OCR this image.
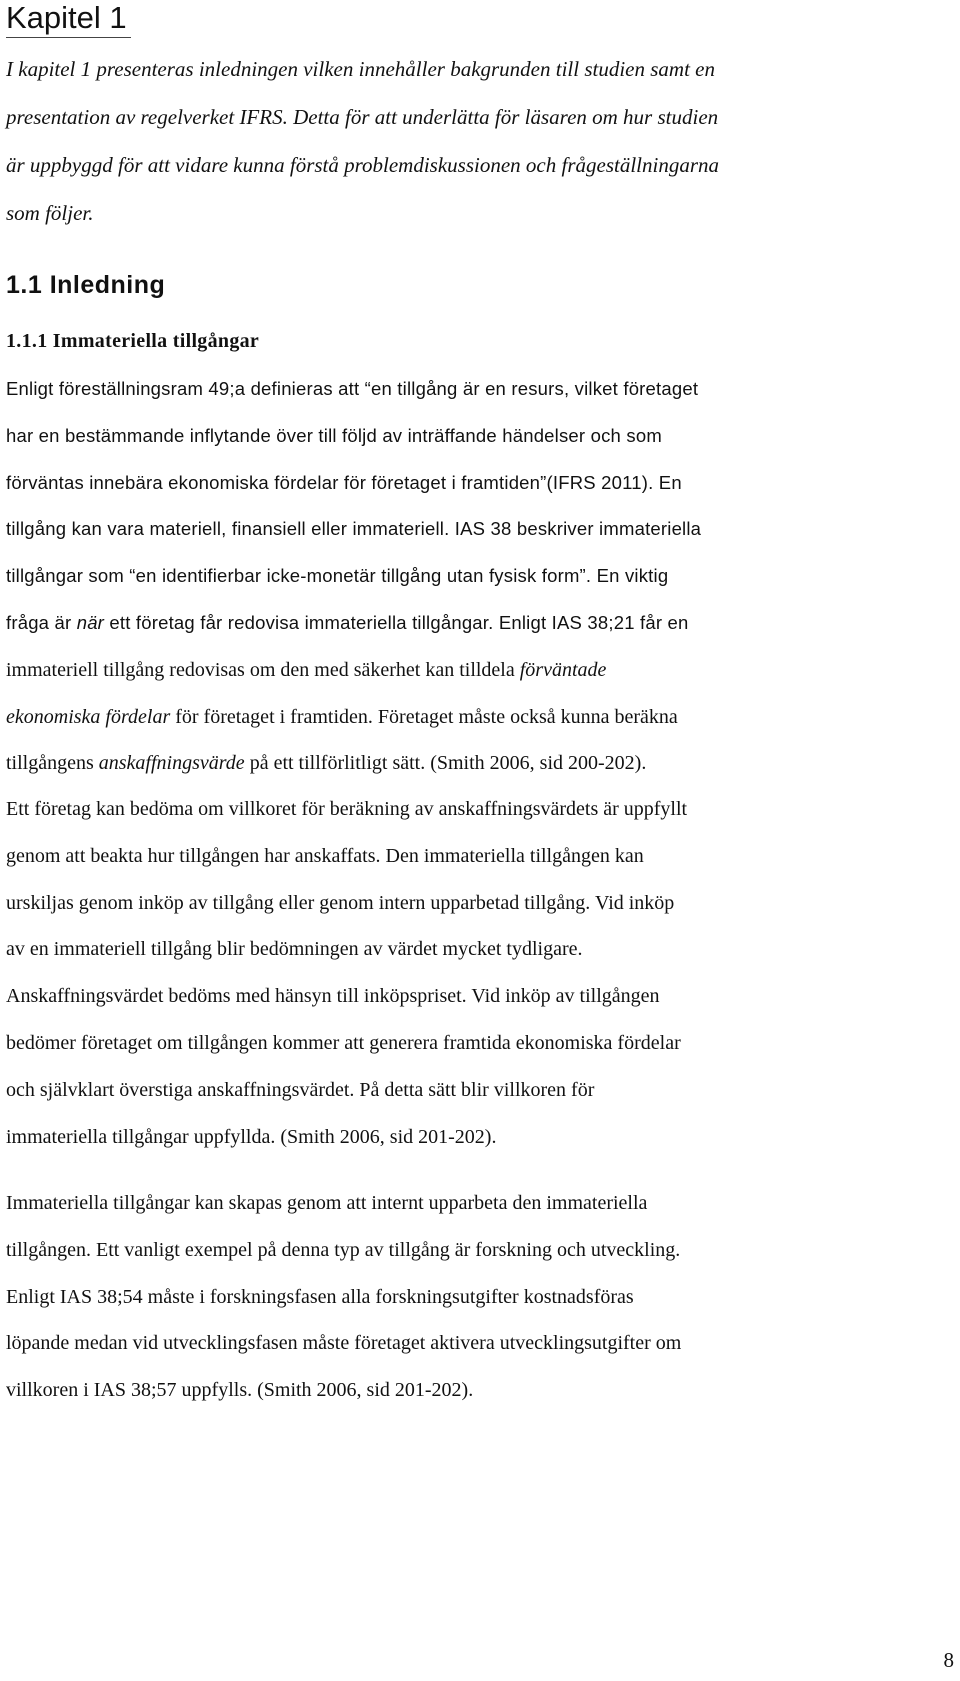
Kapitel 1

I kapitel 1 presenteras inledningen vilken innehåller bakgrunden till studien samt en
presentation av regelverket IFRS. Detta för att underlätta för läsaren om hur studien
är uppbyggd för att vidare kunna förstå problemdiskussionen och frågeställningarna
som följer.

1.1 Inledning
1.1.1 Immateriella tillgångar

Enligt föreställningsram 49;a definieras att “en tillgång är en resurs, vilket företaget
har en bestämmande inflytande över till följd av inträffande händelser och som
förväntas innebära ekonomiska fördelar för företaget i framtiden”(IFRS 2011). En
tillgång kan vara materiell, finansiell eller immateriell. IAS 38 beskriver immateriella
tillgångar som “en identifierbar icke-monetär tillgång utan fysisk form”. En viktig
fråga är när ett företag får redovisa immateriella tillgångar. Enligt IAS 38;21 får en
immateriell tillgång redovisas om den med säkerhet kan tilldela förväntade
ekonomiska fördelar för företaget i framtiden. Företaget måste också kunna beräkna
tillgångens anskaffningsvärde på ett tillförlitligt sätt. (Smith 2006, sid 200-202).

Ett företag kan bedöma om villkoret för beräkning av anskaffningsvärdets är uppfyllt
genom att beakta hur tillgången har anskaffats. Den immateriella tillgången kan
urskiljas genom inköp av tillgång eller genom intern upparbetad tillgång. Vid inköp
av en immateriell tillgång blir bedömningen av värdet mycket tydligare.
Anskaffningsvärdet bedöms med hänsyn till inköpspriset. Vid inköp av tillgången
bedömer företaget om tillgången kommer att generera framtida ekonomiska fördelar
och självklart överstiga anskaffningsvärdet. På detta sätt blir villkoren för
immateriella tillgångar uppfyllda. (Smith 2006, sid 201-202).

Immateriella tillgångar kan skapas genom att internt upparbeta den immateriella
tillgången. Ett vanligt exempel på denna typ av tillgång är forskning och utveckling.
Enligt IAS 38;54 måste i forskningsfasen alla forskningsutgifter kostnadsföras
löpande medan vid utvecklingsfasen måste företaget aktivera utvecklingsutgifter om
villkoren i IAS 38;57 uppfylls. (Smith 2006, sid 201-202).

8
